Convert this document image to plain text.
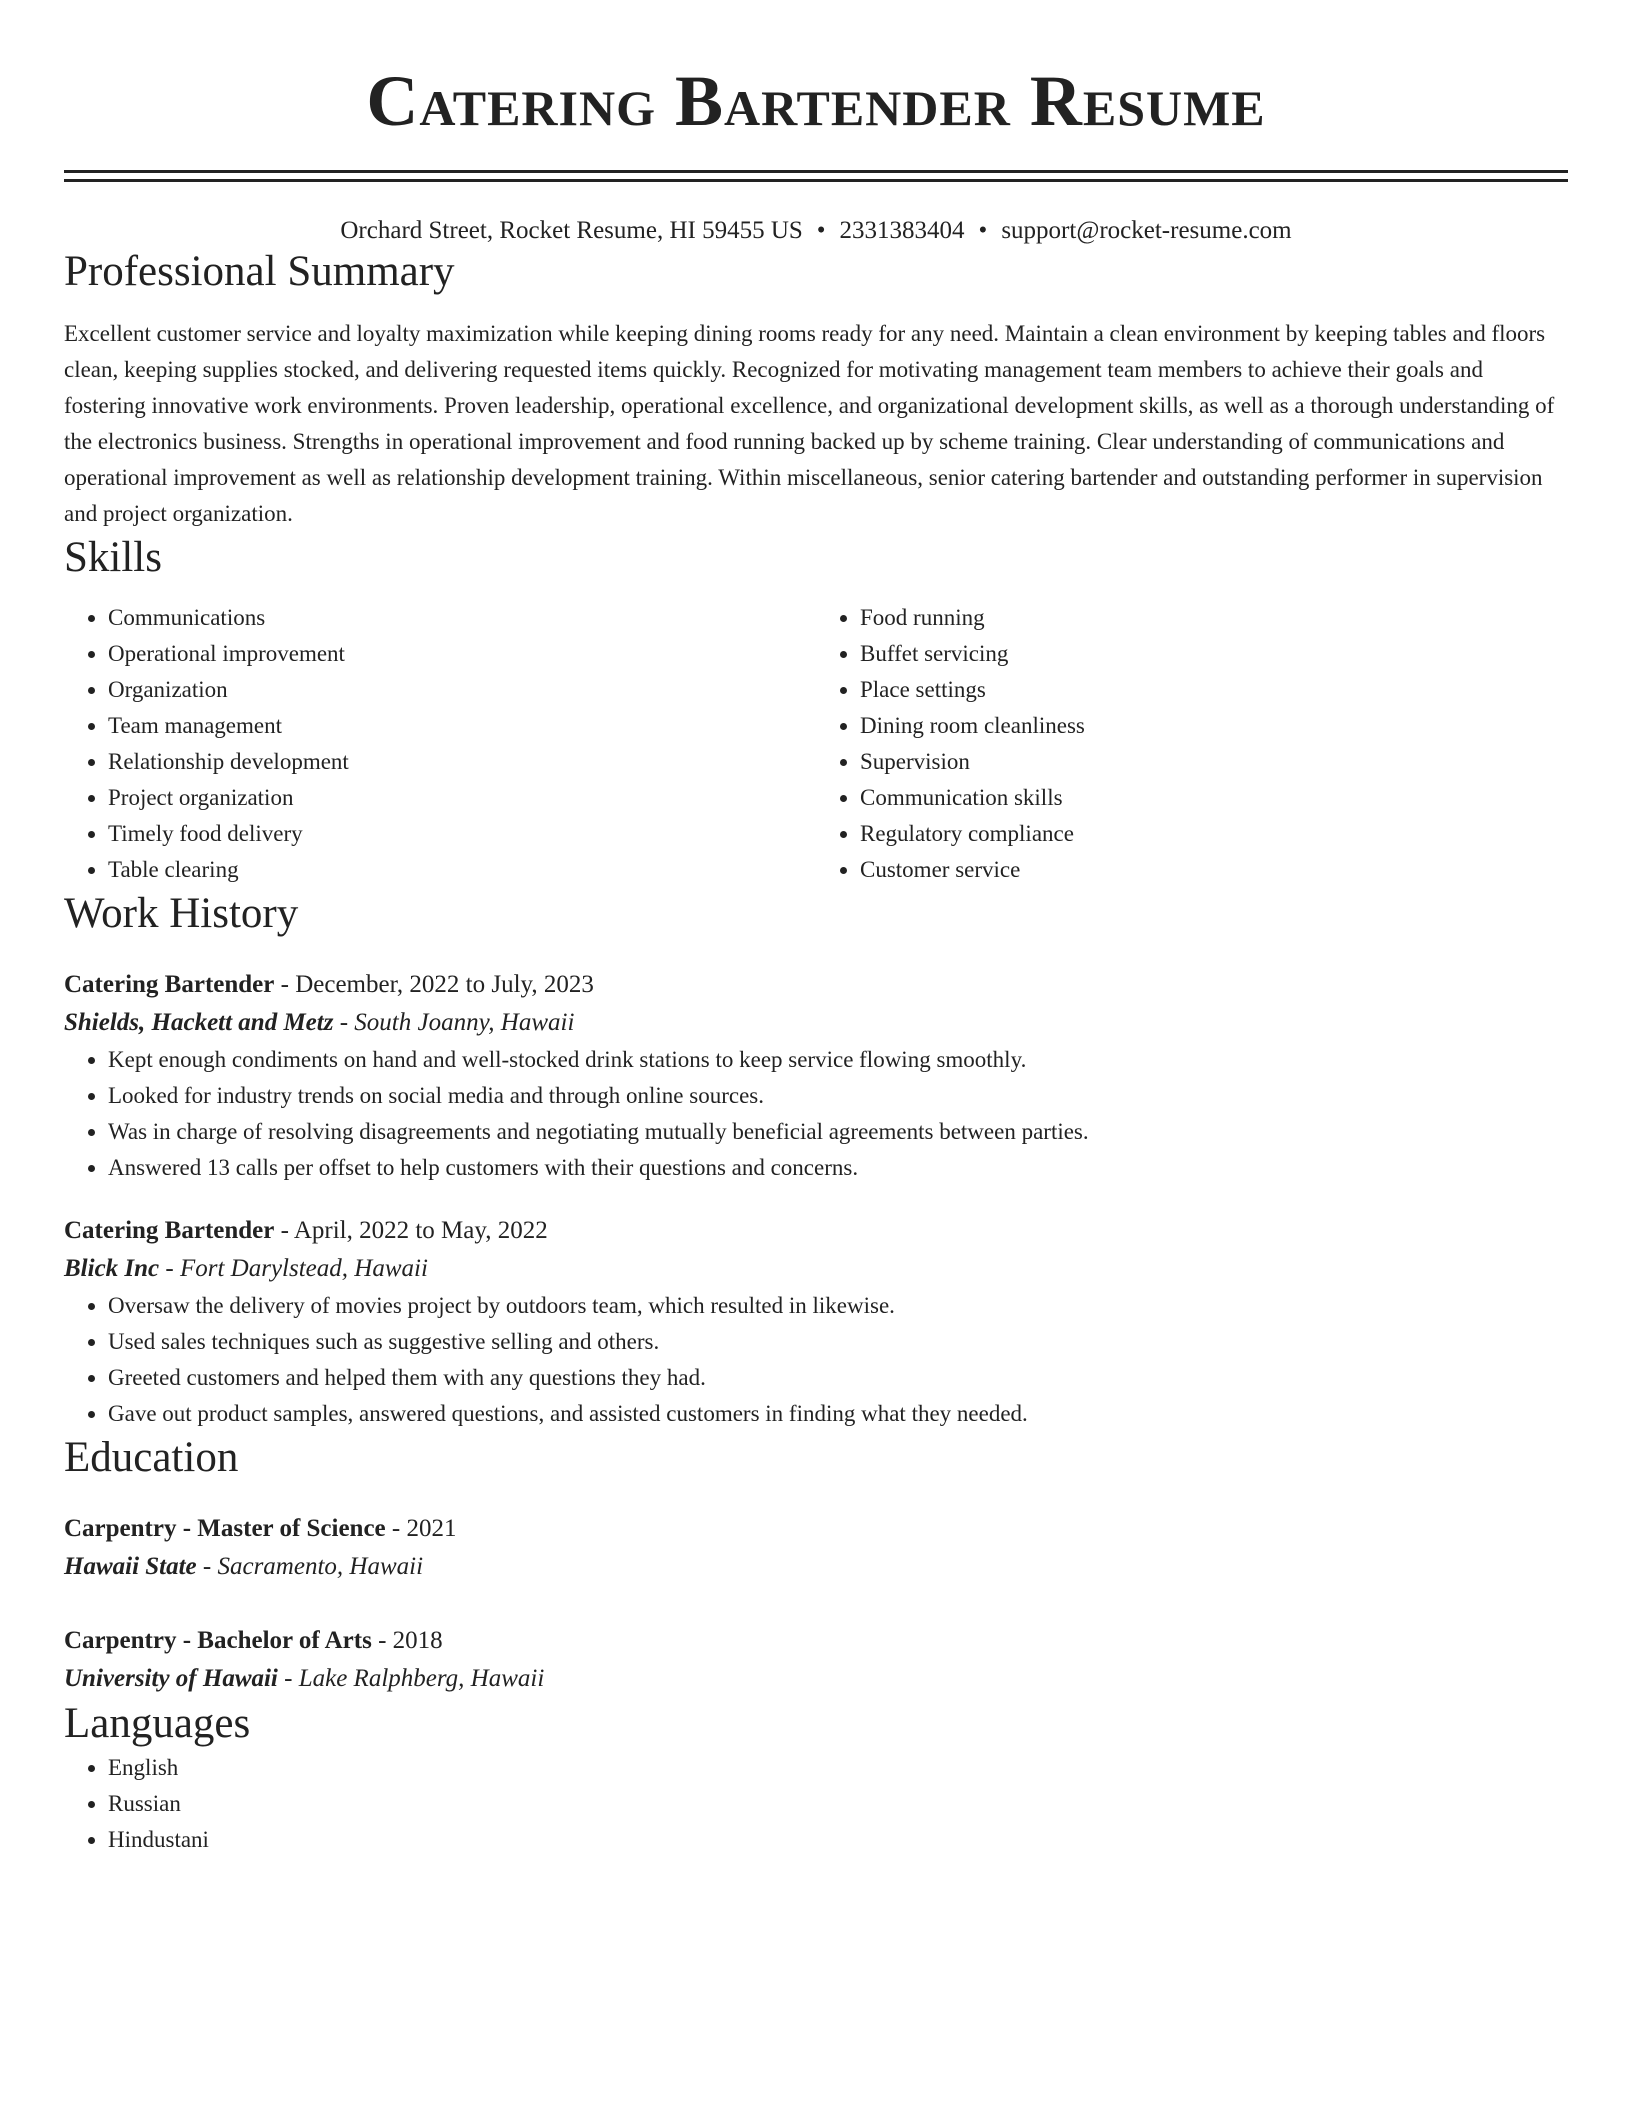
Catering Bartender Resume
Orchard Street, Rocket Resume, HI 59455 US • 2331383404 • support@rocket-resume.com
Professional Summary
Excellent customer service and loyalty maximization while keeping dining rooms ready for any need. Maintain a clean environment by keeping tables and floors clean, keeping supplies stocked, and delivering requested items quickly. Recognized for motivating management team members to achieve their goals and fostering innovative work environments. Proven leadership, operational excellence, and organizational development skills, as well as a thorough understanding of the electronics business. Strengths in operational improvement and food running backed up by scheme training. Clear understanding of communications and operational improvement as well as relationship development training. Within miscellaneous, senior catering bartender and outstanding performer in supervision and project organization.
Skills
• Communications
• Operational improvement
• Organization
• Team management
• Relationship development
• Project organization
• Timely food delivery
• Table clearing
• Food running
• Buffet servicing
• Place settings
• Dining room cleanliness
• Supervision
• Communication skills
• Regulatory compliance
• Customer service
Work History
Catering Bartender - December, 2022 to July, 2023
Shields, Hackett and Metz - South Joanny, Hawaii
• Kept enough condiments on hand and well-stocked drink stations to keep service flowing smoothly.
• Looked for industry trends on social media and through online sources.
• Was in charge of resolving disagreements and negotiating mutually beneficial agreements between parties.
• Answered 13 calls per offset to help customers with their questions and concerns.
Catering Bartender - April, 2022 to May, 2022
Blick Inc - Fort Darylstead, Hawaii
• Oversaw the delivery of movies project by outdoors team, which resulted in likewise.
• Used sales techniques such as suggestive selling and others.
• Greeted customers and helped them with any questions they had.
• Gave out product samples, answered questions, and assisted customers in finding what they needed.
Education
Carpentry - Master of Science - 2021
Hawaii State - Sacramento, Hawaii
Carpentry - Bachelor of Arts - 2018
University of Hawaii - Lake Ralphberg, Hawaii
Languages
• English
• Russian
• Hindustani
